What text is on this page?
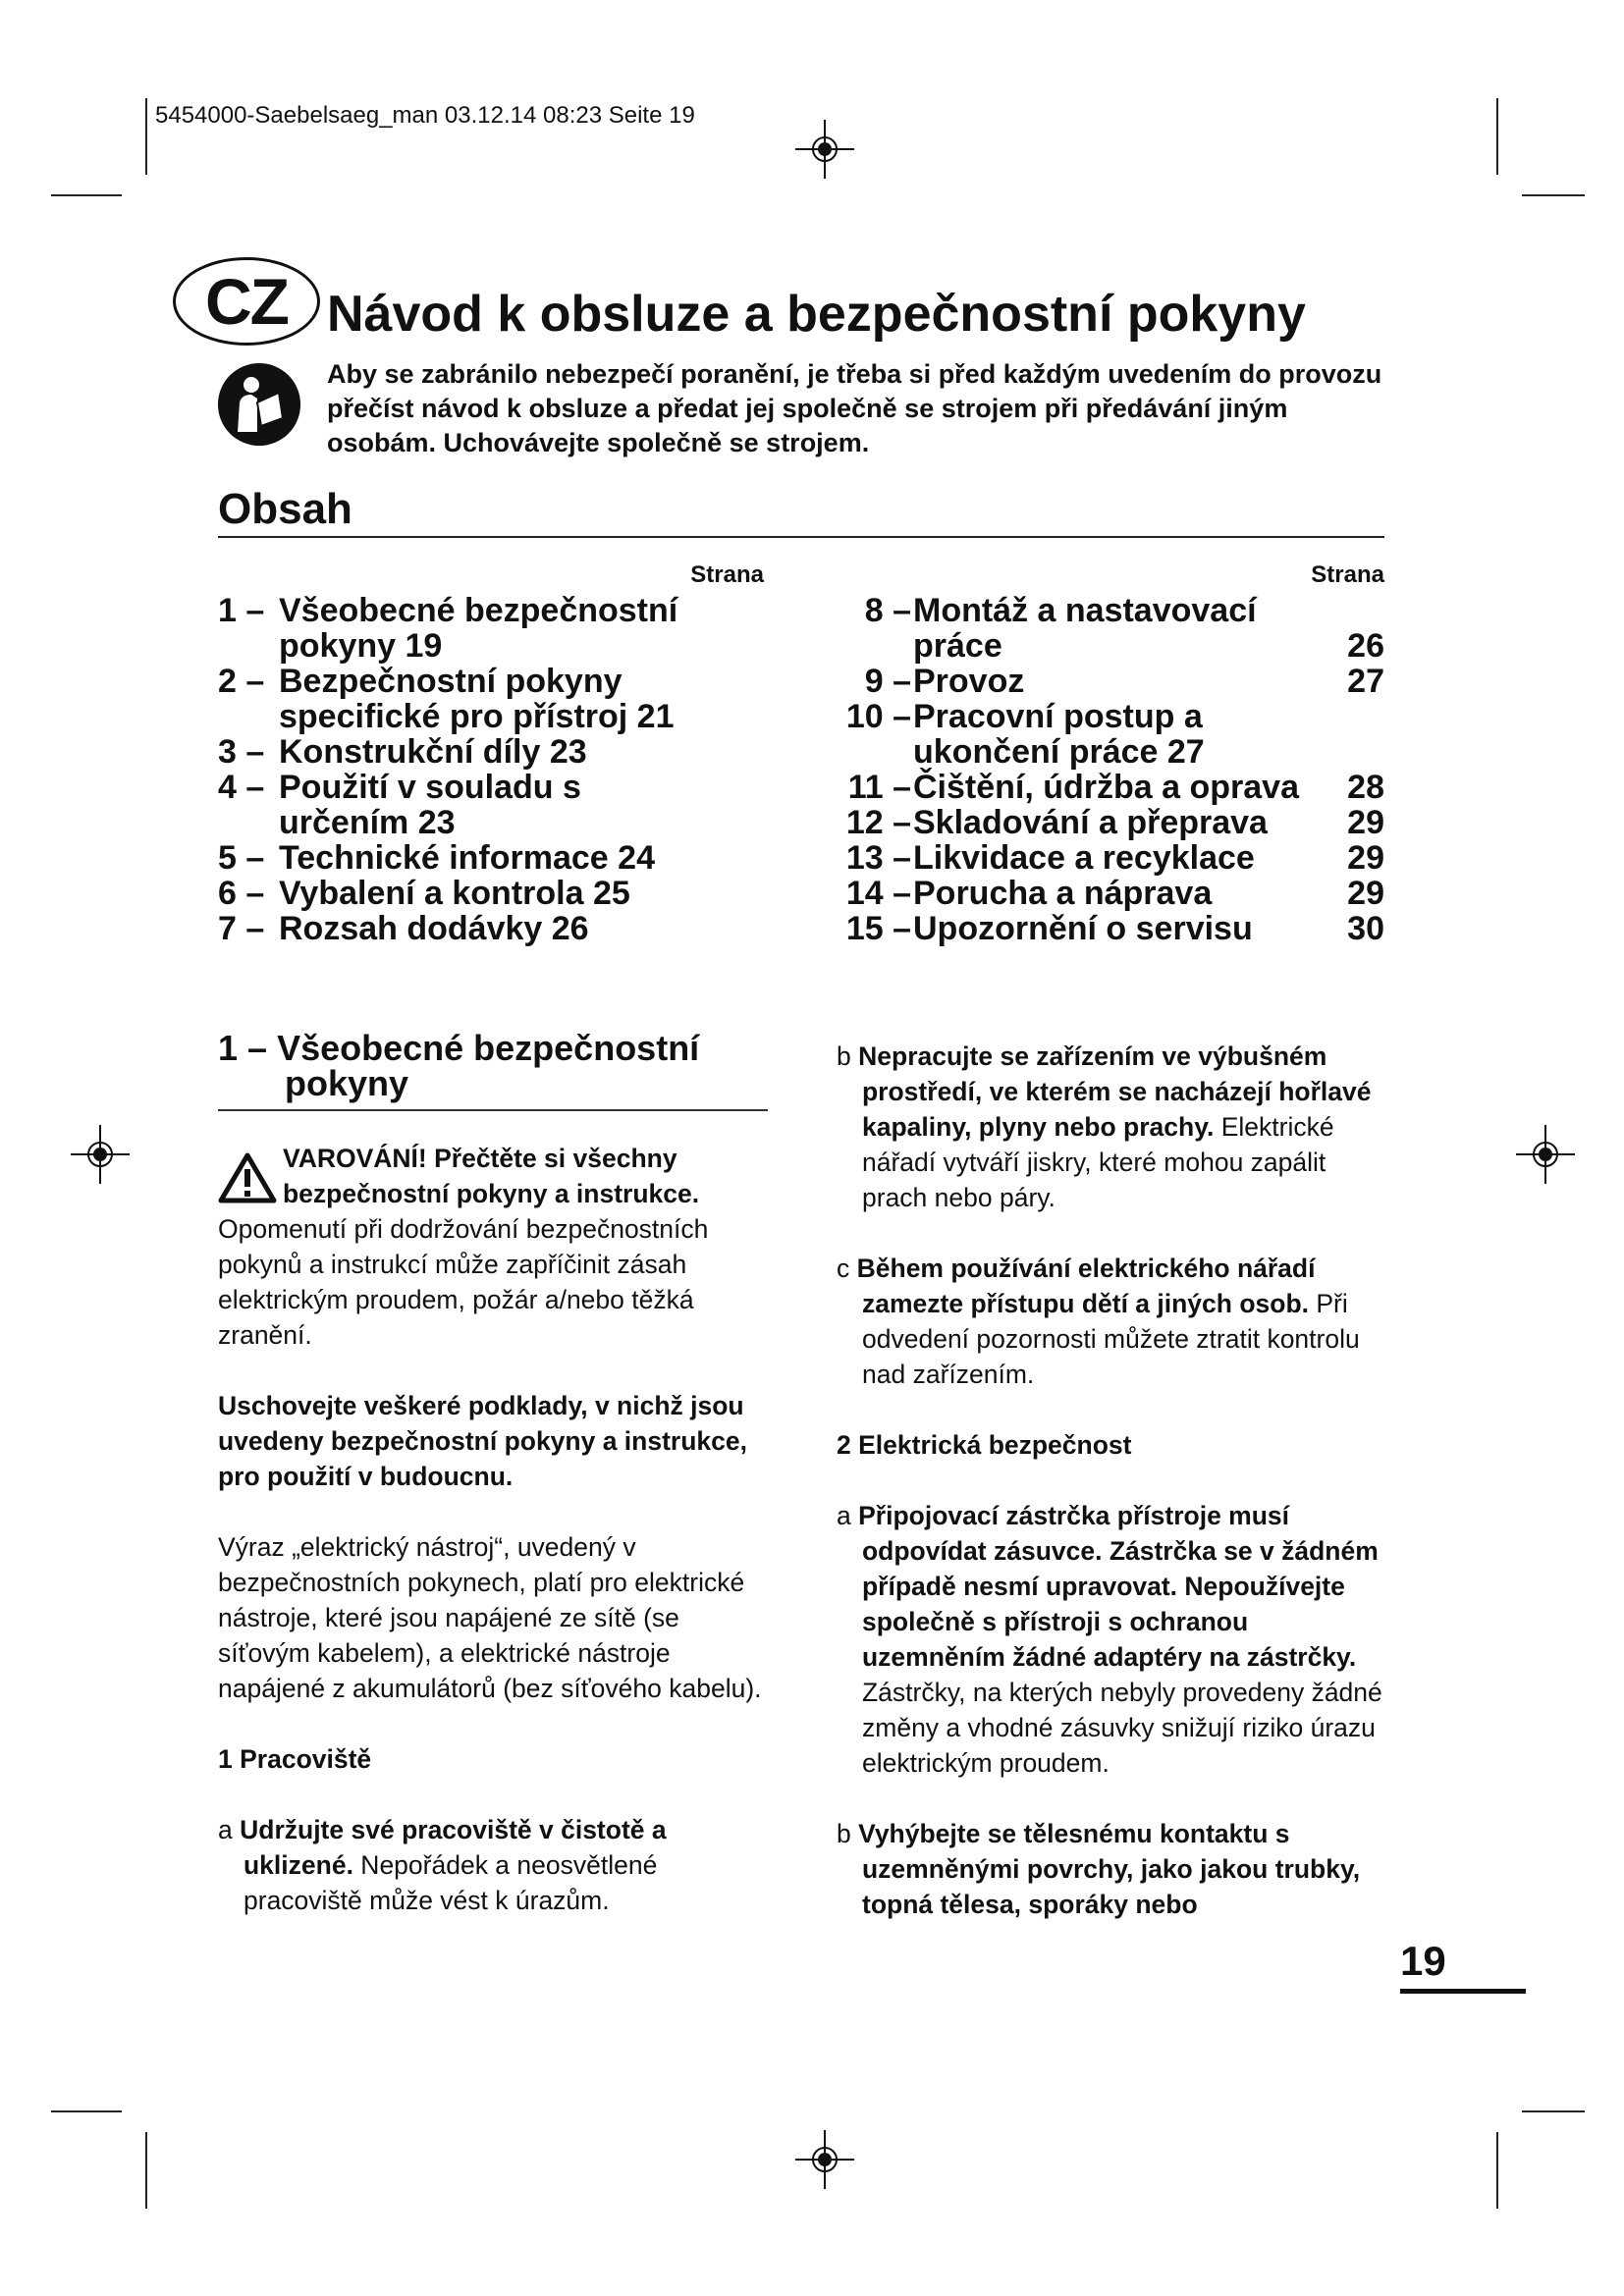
5454000-Saebelsaeg_man 03.12.14 08:23 Seite 19
CZ Návod k obsluze a bezpečnostní pokyny
Aby se zabránilo nebezpečí poranění, je třeba si před každým uvedením do provozu přečíst návod k obsluze a předat jej společně se strojem při předávání jiným osobám. Uchovávejte společně se strojem.
Obsah
Strana	Strana
1 – Všeobecné bezpečnostní
pokyny 19
2 – Bezpečnostní pokyny
specifické pro přístroj 21
3 – Konstrukční díly 23
4 – Použití v souladu s
určením 23
5 – Technické informace 24
6 – Vybalení a kontrola 25
7 – Rozsah dodávky 26
8 – Montáž a nastavovací
práce	26
9 – Provoz	27
10 – Pracovní postup a
ukončení práce 27
11 – Čištění, údržba a oprava 28
12 – Skladování a přeprava 29
13 – Likvidace a recyklace	29
14 – Porucha a náprava	29
15 – Upozornění o servisu	30
1 – Všeobecné bezpečnostní
pokyny
VAROVÁNÍ! Přečtěte si všechny bezpečnostní pokyny a instrukce.

Opomenutí při dodržování bezpečnostních pokynů a instrukcí může zapříčinit zásah elektrickým proudem, požár a/nebo těžká zranění.

Uschovejte veškeré podklady, v nichž jsou uvedeny bezpečnostní pokyny a instrukce, pro použití v budoucnu.

Výraz „elektrický nástroj“, uvedený v bezpečnostních pokynech, platí pro elektrické nástroje, které jsou napájené ze sítě (se síťovým kabelem), a elektrické nástroje napájené z akumulátorů (bez síťového kabelu).

1 Pracoviště

a Udržujte své pracoviště v čistotě a uklizené. Nepořádek a neosvětlené pracoviště může vést k úrazům.

b Nepracujte se zařízením ve výbušném prostředí, ve kterém se nacházejí hořlavé kapaliny, plyny nebo prachy. Elektrické nářadí vytváří jiskry, které mohou zapálit prach nebo páry.

c Během používání elektrického nářadí zamezte přístupu dětí a jiných osob. Při odvedení pozornosti můžete ztratit kontrolu nad zařízením.

2 Elektrická bezpečnost

a Připojovací zástrčka přístroje musí odpovídat zásuvce. Zástrčka se v žádném případě nesmí upravovat. Nepoužívejte společně s přístroji s ochranou uzemněním žádné adaptéry na zástrčky. Zástrčky, na kterých nebyly provedeny žádné změny a vhodné zásuvky snižují riziko úrazu elektrickým proudem.

b Vyhýbejte se tělesnému kontaktu s uzemněnými povrchy, jako jakou trubky, topná tělesa, sporáky nebo

19
